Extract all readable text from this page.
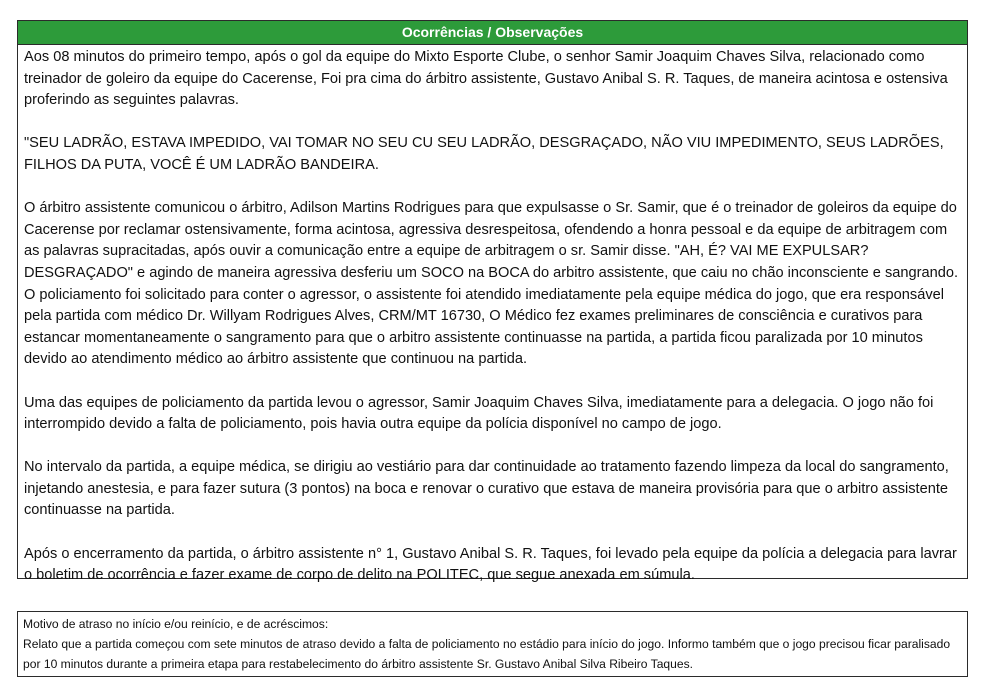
Ocorrências / Observações

Aos 08 minutos do primeiro tempo, após o gol da equipe do Mixto Esporte Clube, o senhor Samir Joaquim Chaves Silva, relacionado como treinador de goleiro da equipe do Cacerense, Foi pra cima do árbitro assistente, Gustavo Anibal S. R. Taques, de maneira acintosa e ostensiva proferindo as seguintes palavras.

"SEU LADRÃO, ESTAVA IMPEDIDO, VAI TOMAR NO SEU CU SEU LADRÃO, DESGRAÇADO, NÃO VIU IMPEDIMENTO, SEUS LADRÕES, FILHOS DA PUTA, VOCÊ É UM LADRÃO BANDEIRA.

O árbitro assistente comunicou o árbitro, Adilson Martins Rodrigues para que expulsasse o Sr. Samir, que é o treinador de goleiros da equipe do Cacerense por reclamar ostensivamente, forma acintosa, agressiva desrespeitosa, ofendendo a honra pessoal e da equipe de arbitragem com as palavras supracitadas, após ouvir a comunicação entre a equipe de arbitragem o sr. Samir disse. "AH, É? VAI ME EXPULSAR? DESGRAÇADO" e agindo de maneira agressiva desferiu um SOCO na BOCA do arbitro assistente, que caiu no chão inconsciente e sangrando. O policiamento foi solicitado para conter o agressor, o assistente foi atendido imediatamente pela equipe médica do jogo, que era responsável pela partida com médico Dr. Willyam Rodrigues Alves, CRM/MT 16730, O Médico fez exames preliminares de consciência e curativos para estancar momentaneamente o sangramento para que o arbitro assistente continuasse na partida, a partida ficou paralizada por 10 minutos devido ao atendimento médico ao árbitro assistente que continuou na partida.

Uma das equipes de policiamento da partida levou o agressor, Samir Joaquim Chaves Silva, imediatamente para a delegacia. O jogo não foi interrompido devido a falta de policiamento, pois havia outra equipe da polícia disponível no campo de jogo.

No intervalo da partida, a equipe médica, se dirigiu ao vestiário para dar continuidade ao tratamento fazendo limpeza da local do sangramento, injetando anestesia, e para fazer sutura (3 pontos) na boca e renovar o curativo que estava de maneira provisória para que o arbitro assistente continuasse na partida.

Após o encerramento da partida, o árbitro assistente n° 1, Gustavo Anibal S. R. Taques, foi levado pela equipe da polícia a delegacia para lavrar o boletim de ocorrência e fazer exame de corpo de delito na POLITEC, que segue anexada em súmula.

Motivo de atraso no início e/ou reinício, e de acréscimos:
Relato que a partida começou com sete minutos de atraso devido a falta de policiamento no estádio para início do jogo. Informo também que o jogo precisou ficar paralisado por 10 minutos durante a primeira etapa para restabelecimento do árbitro assistente Sr. Gustavo Anibal Silva Ribeiro Taques.
